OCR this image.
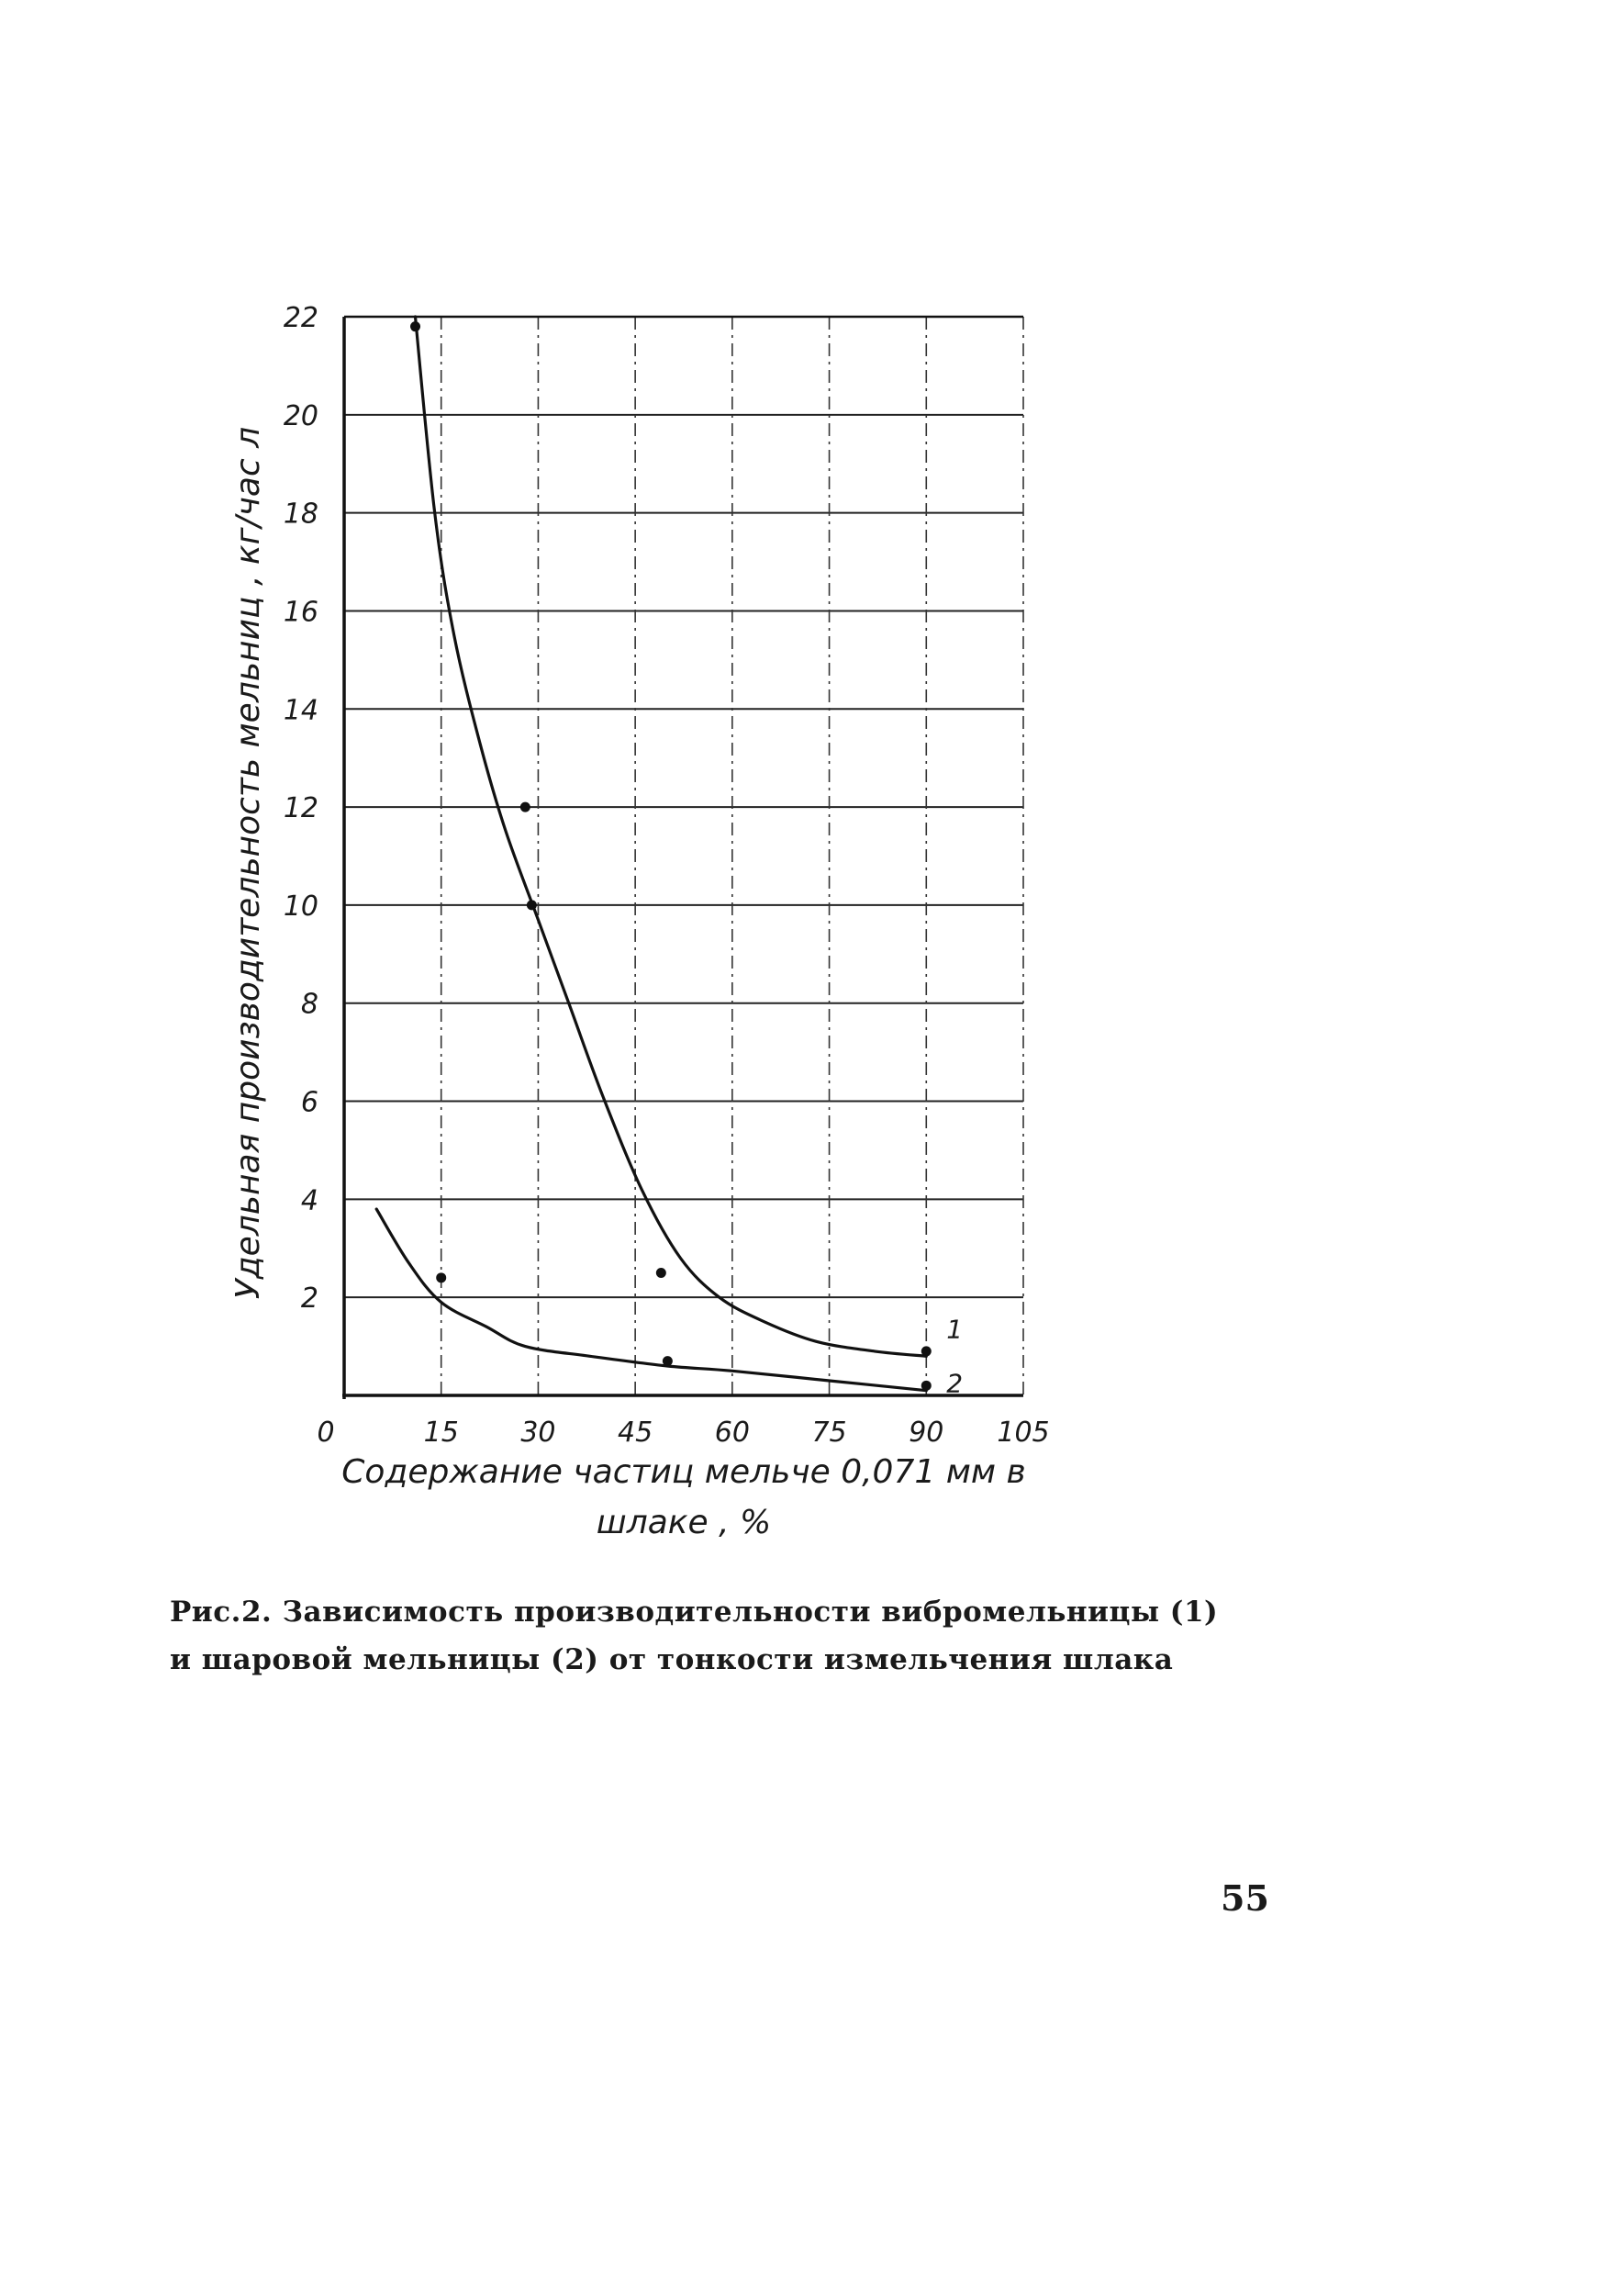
0	15 30 45 60 75 90 105
2
4
6
8
10
12
14
16
18
20
22
1
2
Удельная производительность мельниц , кг/час л
Содержание частиц мельче 0,071 мм в
шлаке , %
Рис.2. Зависимость производительности вибромельницы (1)
и шаровой мельницы (2) от тонкости измельчения шлака
55
